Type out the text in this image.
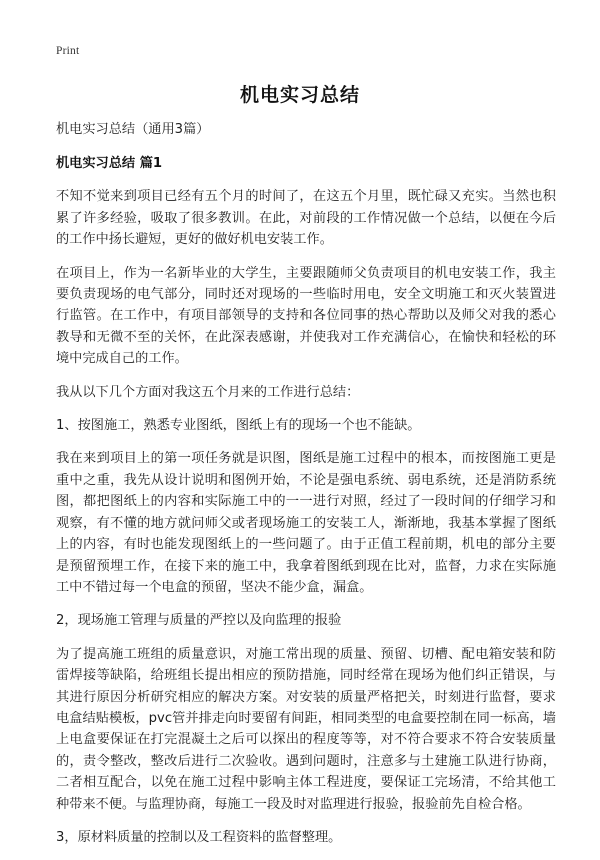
Print
机电实习总结
机电实习总结（通用3篇）
机电实习总结 篇1
不知不觉来到项目已经有五个月的时间了，在这五个月里，既忙碌又充实。当然也积累了许多经验，吸取了很多教训。在此，对前段的工作情况做一个总结，以便在今后的工作中扬长避短，更好的做好机电安装工作。
在项目上，作为一名新毕业的大学生，主要跟随师父负责项目的机电安装工作，我主要负责现场的电气部分，同时还对现场的一些临时用电，安全文明施工和灭火装置进行监管。在工作中，有项目部领导的支持和各位同事的热心帮助以及师父对我的悉心教导和无微不至的关怀，在此深表感谢，并使我对工作充满信心，在愉快和轻松的环境中完成自己的工作。
我从以下几个方面对我这五个月来的工作进行总结：
1、按图施工，熟悉专业图纸，图纸上有的现场一个也不能缺。
我在来到项目上的第一项任务就是识图，图纸是施工过程中的根本，而按图施工更是重中之重，我先从设计说明和图例开始，不论是强电系统、弱电系统，还是消防系统图，都把图纸上的内容和实际施工中的一一进行对照，经过了一段时间的仔细学习和观察，有不懂的地方就问师父或者现场施工的安装工人，渐渐地，我基本掌握了图纸上的内容，有时也能发现图纸上的一些问题了。由于正值工程前期，机电的部分主要是预留预埋工作，在接下来的施工中，我拿着图纸到现在比对，监督，力求在实际施工中不错过每一个电盒的预留，坚决不能少盒，漏盒。
2，现场施工管理与质量的严控以及向监理的报验
为了提高施工班组的质量意识，对施工常出现的质量、预留、切槽、配电箱安装和防雷焊接等缺陷，给班组长提出相应的预防措施，同时经常在现场为他们纠正错误，与其进行原因分析研究相应的解决方案。对安装的质量严格把关，时刻进行监督，要求电盒结贴模板，pvc管并排走向时要留有间距，相同类型的电盒要控制在同一标高，墙上电盒要保证在打完混凝土之后可以探出的程度等等，对不符合要求不符合安装质量的，责令整改，整改后进行二次验收。遇到问题时，注意多与土建施工队进行协商，二者相互配合，以免在施工过程中影响主体工程进度，要保证工完场清，不给其他工种带来不便。与监理协商，每施工一段及时对监理进行报验，报验前先自检合格。
3，原材料质量的控制以及工程资料的监督整理。
